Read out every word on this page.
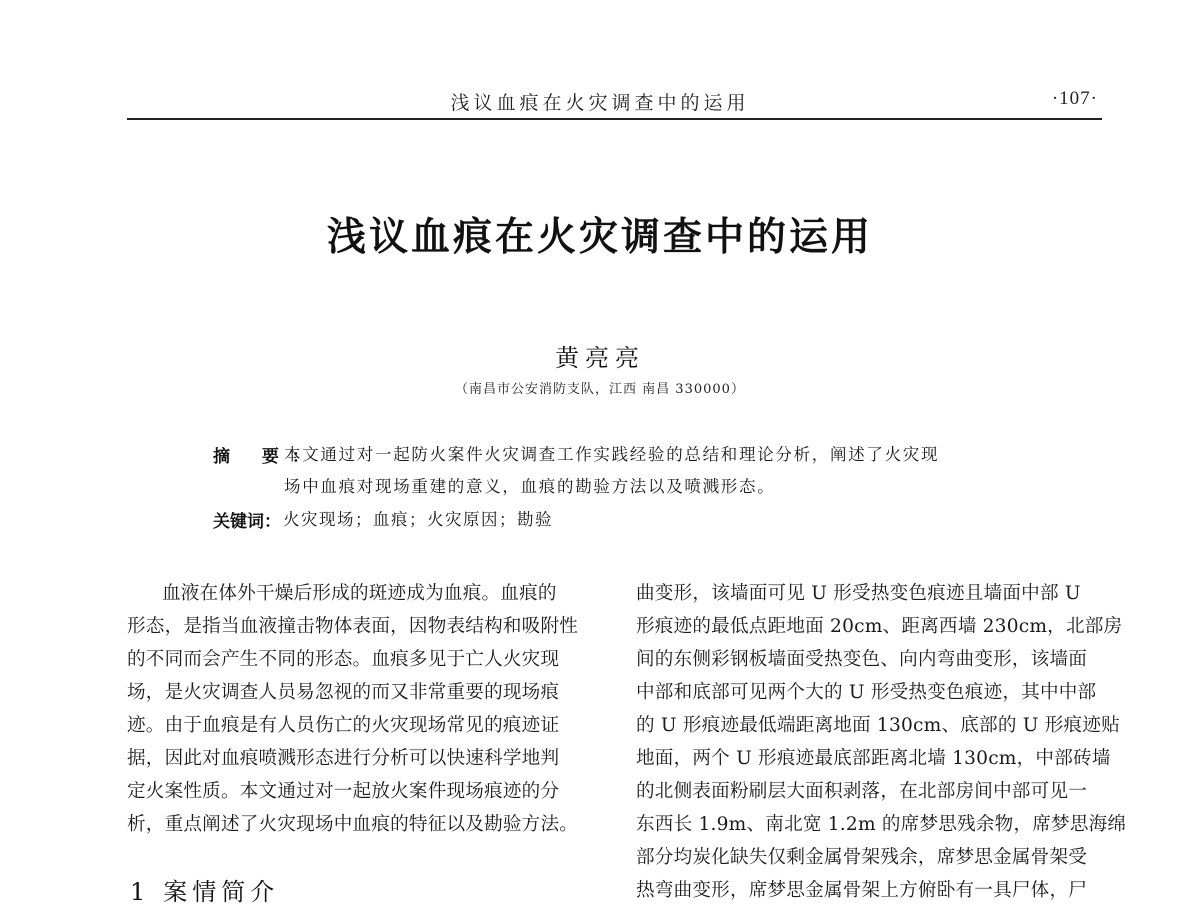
浅议血痕在火灾调查中的运用	·107·
浅议血痕在火灾调查中的运用
黄亮亮
（南昌市公安消防支队，江西 南昌 330000）
摘 要：
本文通过对一起防火案件火灾调查工作实践经验的总结和理论分析，阐述了火灾现
场中血痕对现场重建的意义，血痕的勘验方法以及喷溅形态。
关键词： 火灾现场；血痕；火灾原因；勘验
血液在体外干燥后形成的斑迹成为血痕。血痕的
形态，是指当血液撞击物体表面，因物表结构和吸附性
的不同而会产生不同的形态。血痕多见于亡人火灾现
场，是火灾调查人员易忽视的而又非常重要的现场痕
迹。由于血痕是有人员伤亡的火灾现场常见的痕迹证
据，因此对血痕喷溅形态进行分析可以快速科学地判
定火案性质。本文通过对一起放火案件现场痕迹的分
析，重点阐述了火灾现场中血痕的特征以及勘验方法。
1 案情简介
曲变形，该墙面可见 U 形受热变色痕迹且墙面中部 U
形痕迹的最低点距地面 20cm、距离西墙 230cm，北部房
间的东侧彩钢板墙面受热变色、向内弯曲变形，该墙面
中部和底部可见两个大的 U 形受热变色痕迹，其中中部
的 U 形痕迹最低端距离地面 130cm、底部的 U 形痕迹贴
地面，两个 U 形痕迹最底部距离北墙 130cm，中部砖墙
的北侧表面粉刷层大面积剥落，在北部房间中部可见一
东西长 1.9m、南北宽 1.2m 的席梦思残余物，席梦思海绵
部分均炭化缺失仅剩金属骨架残余，席梦思金属骨架受
热弯曲变形，席梦思金属骨架上方俯卧有一具尸体，尸
